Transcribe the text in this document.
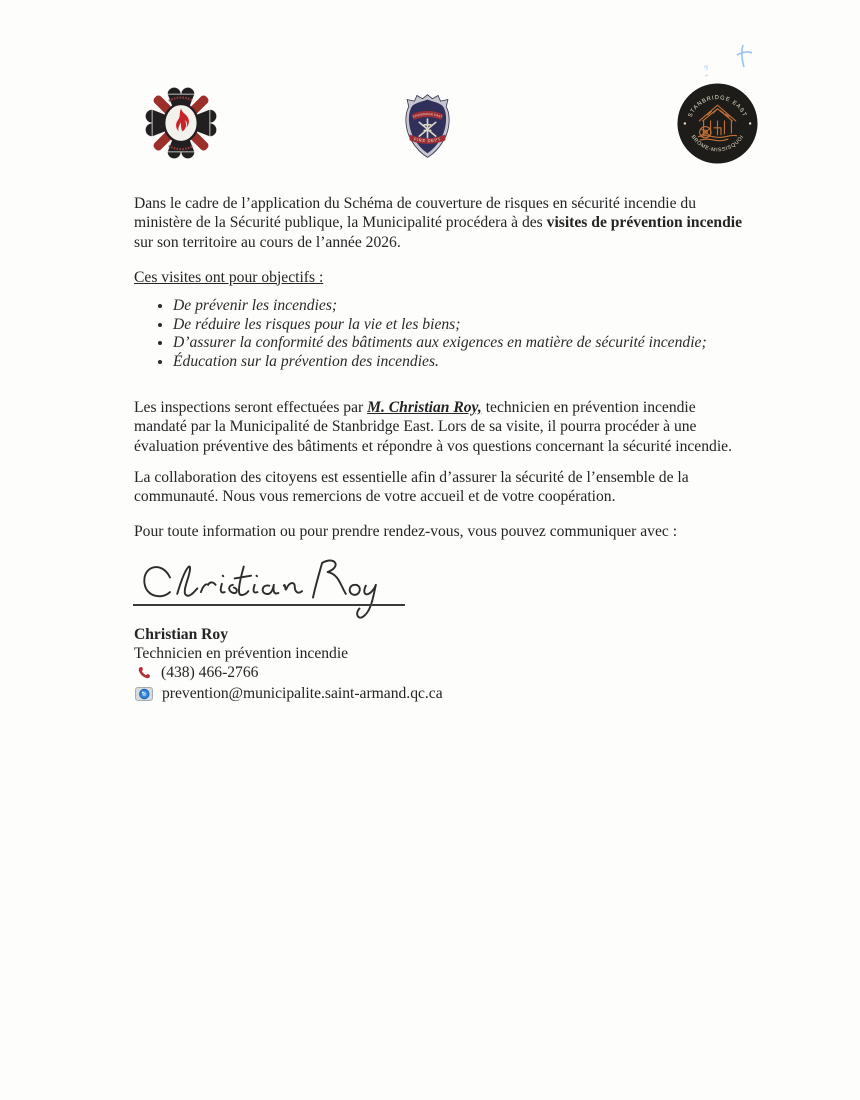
STANBRIDGE EAST
FIRE DEPT
STANBRIDGE EAST
BROME-MISSISQUOI

Dans le cadre de l’application du Schéma de couverture de risques en sécurité incendie du
ministère de la Sécurité publique, la Municipalité procédera à des visites de prévention incendie
sur son territoire au cours de l’année 2026.

Ces visites ont pour objectifs :

• De prévenir les incendies;
• De réduire les risques pour la vie et les biens;
• D’assurer la conformité des bâtiments aux exigences en matière de sécurité incendie;
• Éducation sur la prévention des incendies.

Les inspections seront effectuées par M. Christian Roy, technicien en prévention incendie
mandaté par la Municipalité de Stanbridge East. Lors de sa visite, il pourra procéder à une
évaluation préventive des bâtiments et répondre à vos questions concernant la sécurité incendie.

La collaboration des citoyens est essentielle afin d’assurer la sécurité de l’ensemble de la
communauté. Nous vous remercions de votre accueil et de votre coopération.

Pour toute information ou pour prendre rendez-vous, vous pouvez communiquer avec :

Christian Roy
Technicien en prévention incendie
(438) 466-2766
prevention@municipalite.saint-armand.qc.ca
